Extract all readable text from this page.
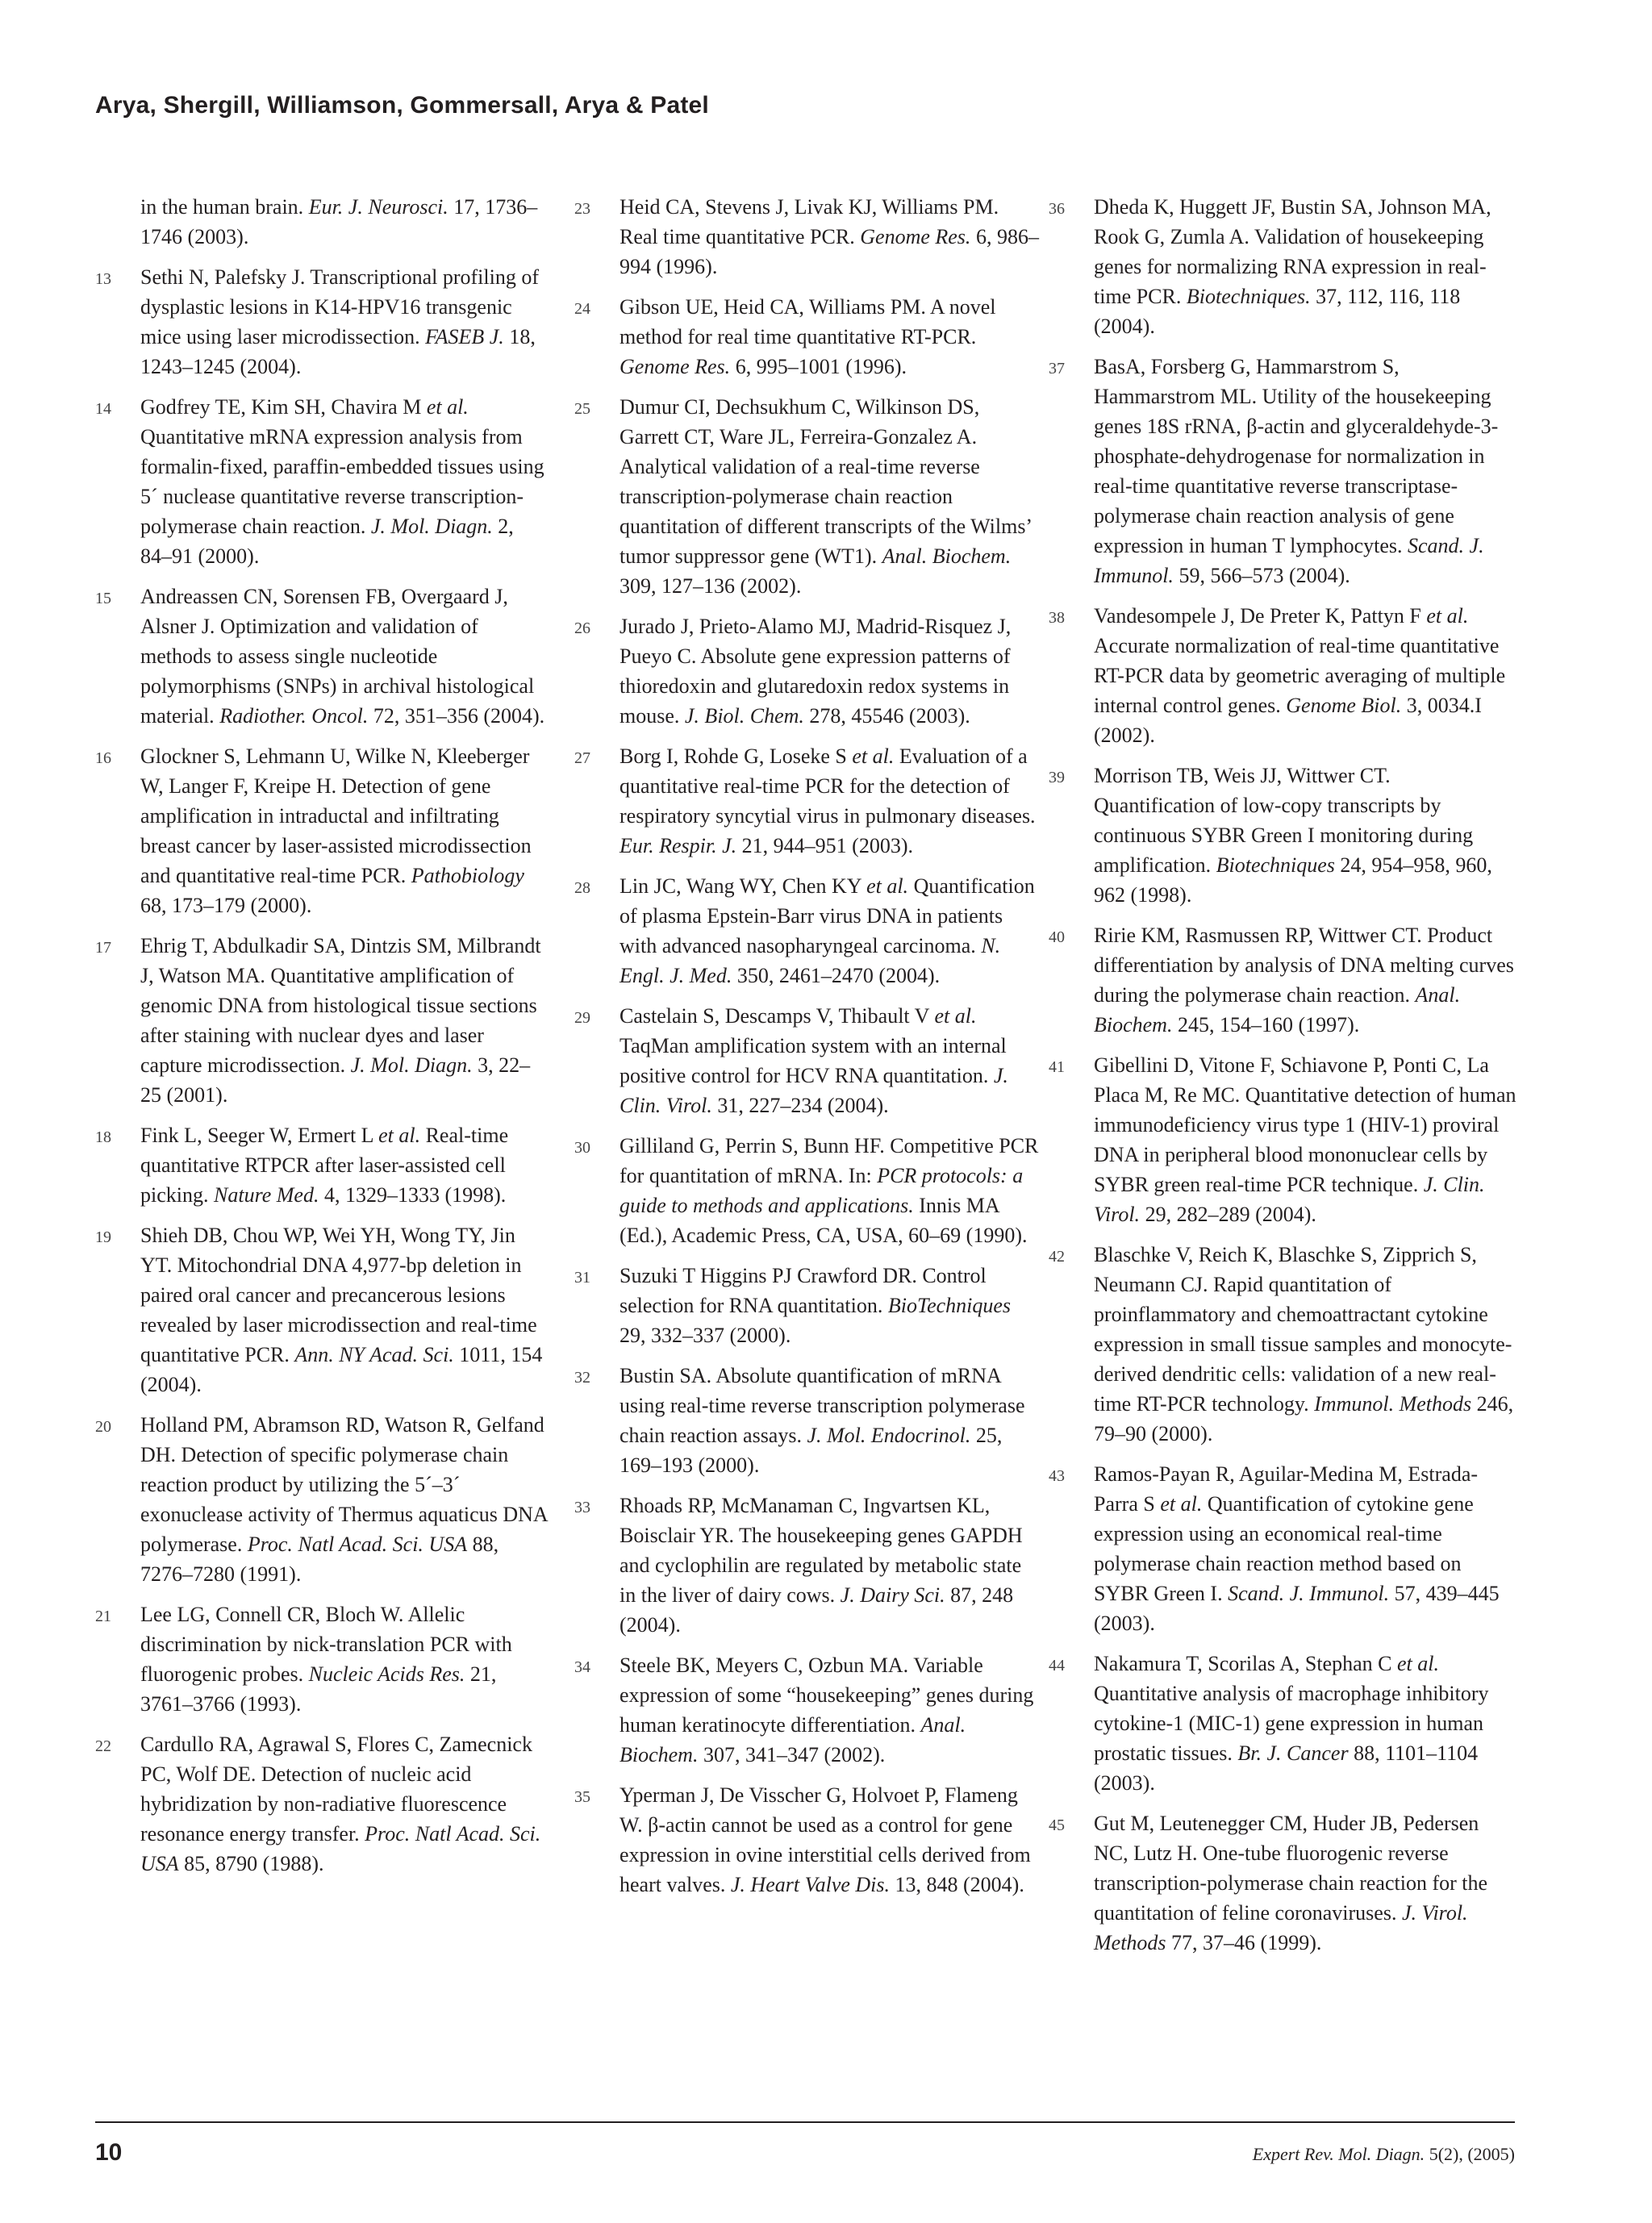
Arya, Shergill, Williamson, Gommersall, Arya & Patel
in the human brain. Eur. J. Neurosci. 17, 1736–1746 (2003).
13 Sethi N, Palefsky J. Transcriptional profiling of dysplastic lesions in K14-HPV16 transgenic mice using laser microdissection. FASEB J. 18, 1243–1245 (2004).
14 Godfrey TE, Kim SH, Chavira M et al. Quantitative mRNA expression analysis from formalin-fixed, paraffin-embedded tissues using 5´ nuclease quantitative reverse transcription-polymerase chain reaction. J. Mol. Diagn. 2, 84–91 (2000).
15 Andreassen CN, Sorensen FB, Overgaard J, Alsner J. Optimization and validation of methods to assess single nucleotide polymorphisms (SNPs) in archival histological material. Radiother. Oncol. 72, 351–356 (2004).
16 Glockner S, Lehmann U, Wilke N, Kleeberger W, Langer F, Kreipe H. Detection of gene amplification in intraductal and infiltrating breast cancer by laser-assisted microdissection and quantitative real-time PCR. Pathobiology 68, 173–179 (2000).
17 Ehrig T, Abdulkadir SA, Dintzis SM, Milbrandt J, Watson MA. Quantitative amplification of genomic DNA from histological tissue sections after staining with nuclear dyes and laser capture microdissection. J. Mol. Diagn. 3, 22–25 (2001).
18 Fink L, Seeger W, Ermert L et al. Real-time quantitative RTPCR after laser-assisted cell picking. Nature Med. 4, 1329–1333 (1998).
19 Shieh DB, Chou WP, Wei YH, Wong TY, Jin YT. Mitochondrial DNA 4,977-bp deletion in paired oral cancer and precancerous lesions revealed by laser microdissection and real-time quantitative PCR. Ann. NY Acad. Sci. 1011, 154 (2004).
20 Holland PM, Abramson RD, Watson R, Gelfand DH. Detection of specific polymerase chain reaction product by utilizing the 5´–3´ exonuclease activity of Thermus aquaticus DNA polymerase. Proc. Natl Acad. Sci. USA 88, 7276–7280 (1991).
21 Lee LG, Connell CR, Bloch W. Allelic discrimination by nick-translation PCR with fluorogenic probes. Nucleic Acids Res. 21, 3761–3766 (1993).
22 Cardullo RA, Agrawal S, Flores C, Zamecnick PC, Wolf DE. Detection of nucleic acid hybridization by non-radiative fluorescence resonance energy transfer. Proc. Natl Acad. Sci. USA 85, 8790 (1988).
23 Heid CA, Stevens J, Livak KJ, Williams PM. Real time quantitative PCR. Genome Res. 6, 986–994 (1996).
24 Gibson UE, Heid CA, Williams PM. A novel method for real time quantitative RT-PCR. Genome Res. 6, 995–1001 (1996).
25 Dumur CI, Dechsukhum C, Wilkinson DS, Garrett CT, Ware JL, Ferreira-Gonzalez A. Analytical validation of a real-time reverse transcription-polymerase chain reaction quantitation of different transcripts of the Wilms’ tumor suppressor gene (WT1). Anal. Biochem. 309, 127–136 (2002).
26 Jurado J, Prieto-Alamo MJ, Madrid-Risquez J, Pueyo C. Absolute gene expression patterns of thioredoxin and glutaredoxin redox systems in mouse. J. Biol. Chem. 278, 45546 (2003).
27 Borg I, Rohde G, Loseke S et al. Evaluation of a quantitative real-time PCR for the detection of respiratory syncytial virus in pulmonary diseases. Eur. Respir. J. 21, 944–951 (2003).
28 Lin JC, Wang WY, Chen KY et al. Quantification of plasma Epstein-Barr virus DNA in patients with advanced nasopharyngeal carcinoma. N. Engl. J. Med. 350, 2461–2470 (2004).
29 Castelain S, Descamps V, Thibault V et al. TaqMan amplification system with an internal positive control for HCV RNA quantitation. J. Clin. Virol. 31, 227–234 (2004).
30 Gilliland G, Perrin S, Bunn HF. Competitive PCR for quantitation of mRNA. In: PCR protocols: a guide to methods and applications. Innis MA (Ed.), Academic Press, CA, USA, 60–69 (1990).
31 Suzuki T Higgins PJ Crawford DR. Control selection for RNA quantitation. BioTechniques 29, 332–337 (2000).
32 Bustin SA. Absolute quantification of mRNA using real-time reverse transcription polymerase chain reaction assays. J. Mol. Endocrinol. 25, 169–193 (2000).
33 Rhoads RP, McManaman C, Ingvartsen KL, Boisclair YR. The housekeeping genes GAPDH and cyclophilin are regulated by metabolic state in the liver of dairy cows. J. Dairy Sci. 87, 248 (2004).
34 Steele BK, Meyers C, Ozbun MA. Variable expression of some “housekeeping” genes during human keratinocyte differentiation. Anal. Biochem. 307, 341–347 (2002).
35 Yperman J, De Visscher G, Holvoet P, Flameng W. β-actin cannot be used as a control for gene expression in ovine interstitial cells derived from heart valves. J. Heart Valve Dis. 13, 848 (2004).
36 Dheda K, Huggett JF, Bustin SA, Johnson MA, Rook G, Zumla A. Validation of housekeeping genes for normalizing RNA expression in real-time PCR. Biotechniques. 37, 112, 116, 118 (2004).
37 BasA, Forsberg G, Hammarstrom S, Hammarstrom ML. Utility of the housekeeping genes 18S rRNA, β-actin and glyceraldehyde-3-phosphate-dehydrogenase for normalization in real-time quantitative reverse transcriptase-polymerase chain reaction analysis of gene expression in human T lymphocytes. Scand. J. Immunol. 59, 566–573 (2004).
38 Vandesompele J, De Preter K, Pattyn F et al. Accurate normalization of real-time quantitative RT-PCR data by geometric averaging of multiple internal control genes. Genome Biol. 3, 0034.I (2002).
39 Morrison TB, Weis JJ, Wittwer CT. Quantification of low-copy transcripts by continuous SYBR Green I monitoring during amplification. Biotechniques 24, 954–958, 960, 962 (1998).
40 Ririe KM, Rasmussen RP, Wittwer CT. Product differentiation by analysis of DNA melting curves during the polymerase chain reaction. Anal. Biochem. 245, 154–160 (1997).
41 Gibellini D, Vitone F, Schiavone P, Ponti C, La Placa M, Re MC. Quantitative detection of human immunodeficiency virus type 1 (HIV-1) proviral DNA in peripheral blood mononuclear cells by SYBR green real-time PCR technique. J. Clin. Virol. 29, 282–289 (2004).
42 Blaschke V, Reich K, Blaschke S, Zipprich S, Neumann CJ. Rapid quantitation of proinflammatory and chemoattractant cytokine expression in small tissue samples and monocyte-derived dendritic cells: validation of a new real-time RT-PCR technology. Immunol. Methods 246, 79–90 (2000).
43 Ramos-Payan R, Aguilar-Medina M, Estrada-Parra S et al. Quantification of cytokine gene expression using an economical real-time polymerase chain reaction method based on SYBR Green I. Scand. J. Immunol. 57, 439–445 (2003).
44 Nakamura T, Scorilas A, Stephan C et al. Quantitative analysis of macrophage inhibitory cytokine-1 (MIC-1) gene expression in human prostatic tissues. Br. J. Cancer 88, 1101–1104 (2003).
45 Gut M, Leutenegger CM, Huder JB, Pedersen NC, Lutz H. One-tube fluorogenic reverse transcription-polymerase chain reaction for the quantitation of feline coronaviruses. J. Virol. Methods 77, 37–46 (1999).
10	Expert Rev. Mol. Diagn. 5(2), (2005)
